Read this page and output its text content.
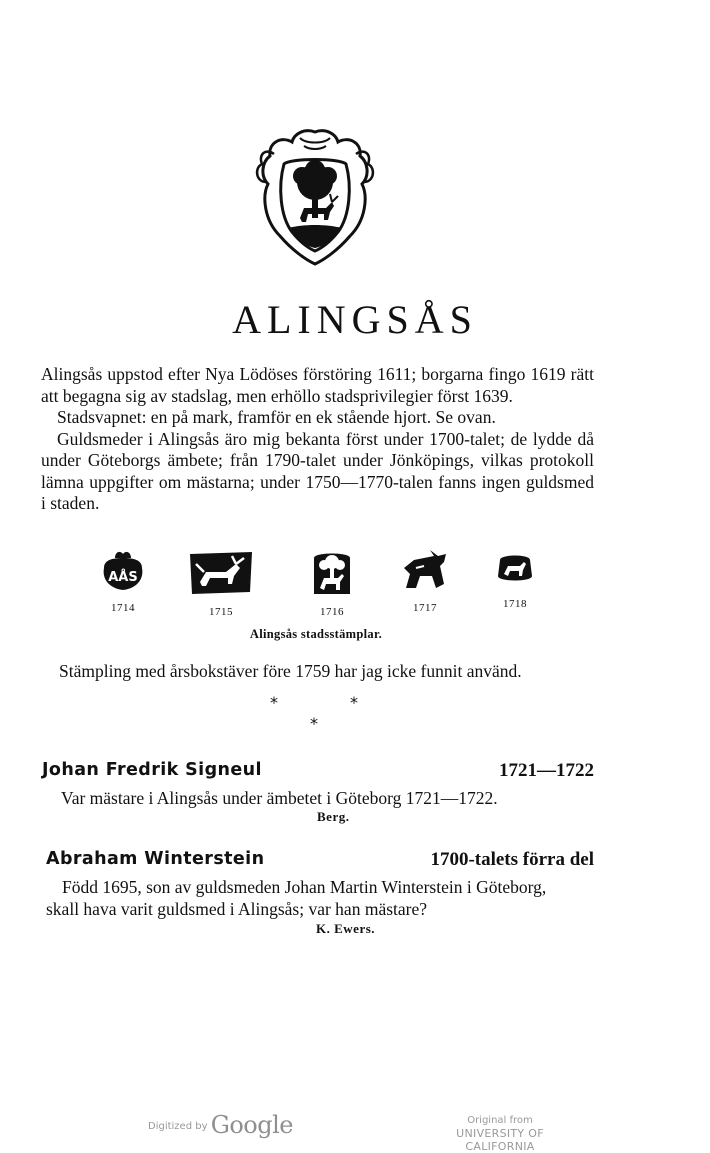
ALINGSÅS

Alingsås uppstod efter Nya Lödöses förstöring 1611; borgarna fingo 1619 rätt att begagna sig av stadslag, men erhöllo stadsprivilegier först 1639.

Stadsvapnet: en på mark, framför en ek stående hjort. Se ovan.

Guldsmeder i Alingsås äro mig bekanta först under 1700-talet; de lydde då under Göteborgs ämbete; från 1790-talet under Jönköpings, vilkas protokoll lämna uppgifter om mästarna; under 1750—1770-talen fanns ingen guldsmed i staden.

AÅS
1714	1715	1716	1717	1718
Alingsås stadsstämplar.
Stämpling med årsbokstäver före 1759 har jag icke funnit använd.
*	*
*
Johan Fredrik Signeul	1721—1722
Var mästare i Alingsås under ämbetet i Göteborg 1721—1722.
Berg.
Abraham Winterstein	1700-talets förra del
Född 1695, son av guldsmeden Johan Martin Winterstein i Göteborg,
skall hava varit guldsmed i Alingsås; var han mästare?
K. Ewers.
Digitized by Google	Original from
UNIVERSITY OF CALIFORNIA
